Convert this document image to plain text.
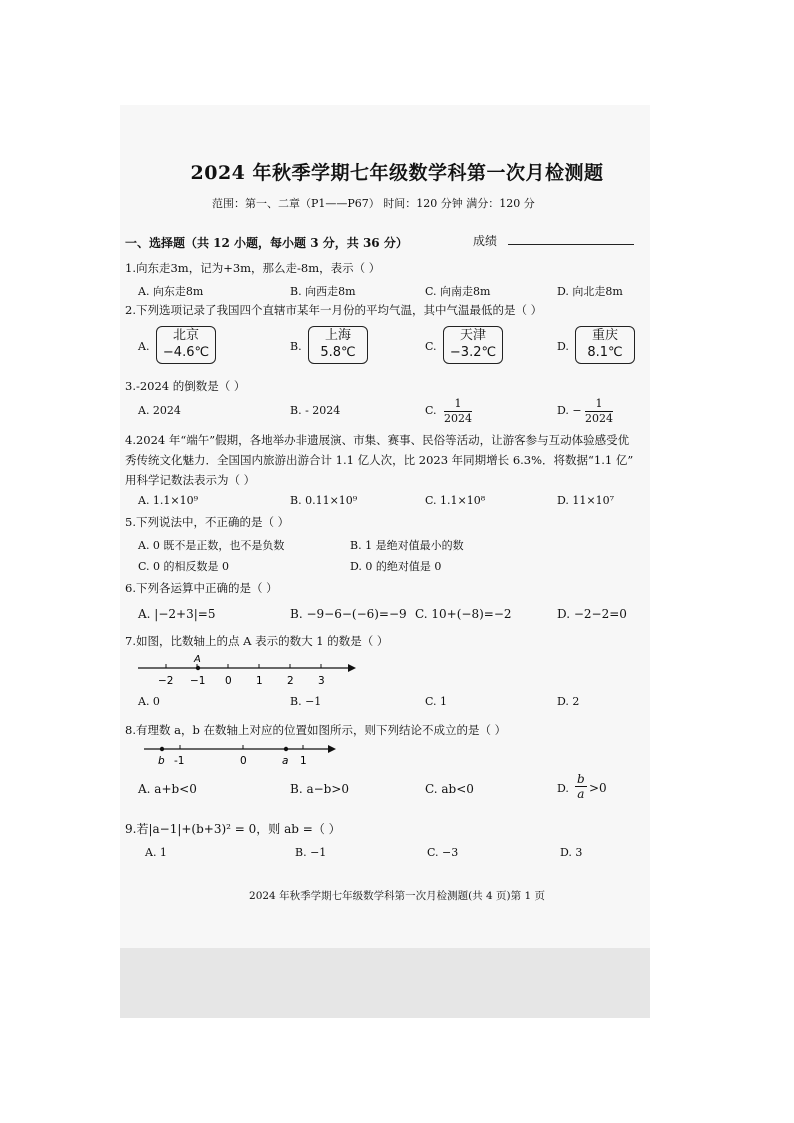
2024 年秋季学期七年级数学科第一次月检测题
范围：第一、二章（P1——P67） 时间：120 分钟 满分：120 分
一、选择题（共 12 小题，每小题 3 分，共 36 分）	成绩
1.向东走3m，记为+3m，那么走-8m，表示（ ）
A. 向东走8m	B. 向西走8m	C. 向南走8m	D. 向北走8m
2.下列选项记录了我国四个直辖市某年一月份的平均气温，其中气温最低的是（ ）
A.
北京
−4.6℃	B.
上海
5.8℃	C.
天津
−3.2℃	D.
重庆
8.1℃
3.-2024 的倒数是（ ）
A. 2024	B. - 2024	C. $\frac{1}{2024}$	D. − $\frac{1}{2024}$
4.2024 年“端午”假期，各地举办非遗展演、市集、赛事、民俗等活动，让游客参与互动体验感受优
秀传统文化魅力．全国国内旅游出游合计 1.1 亿人次，比 2023 年同期增长 6.3%．将数据“1.1 亿”
用科学记数法表示为（ ）
A. 1.1×10⁹	B. 0.11×10⁹	C. 1.1×10⁸	D. 11×10⁷
5.下列说法中，不正确的是（ ）
A. 0 既不是正数，也不是负数	B. 1 是绝对值最小的数
C. 0 的相反数是 0	D. 0 的绝对值是 0
6.下列各运算中正确的是（ ）
A. |−2+3|=5	B. −9−6−(−6)=−9 C. 10+(−8)=−2	D. −2−2=0
7.如图，比数轴上的点 A 表示的数大 1 的数是（ ）
A
−2 −1 0 1 2 3
A. 0	B. −1	C. 1	D. 2
8.有理数 a，b 在数轴上对应的位置如图所示，则下列结论不成立的是（ ）
b -1	0	a 1
A. a+b<0	B. a−b>0	C. ab<0	D. $\frac{b}{a} >0$
9.若|a−1|+(b+3)² = 0，则 ab =（ ）
A. 1	B. −1	C. −3	D. 3
2024 年秋季学期七年级数学科第一次月检测题(共 4 页)第 1 页
